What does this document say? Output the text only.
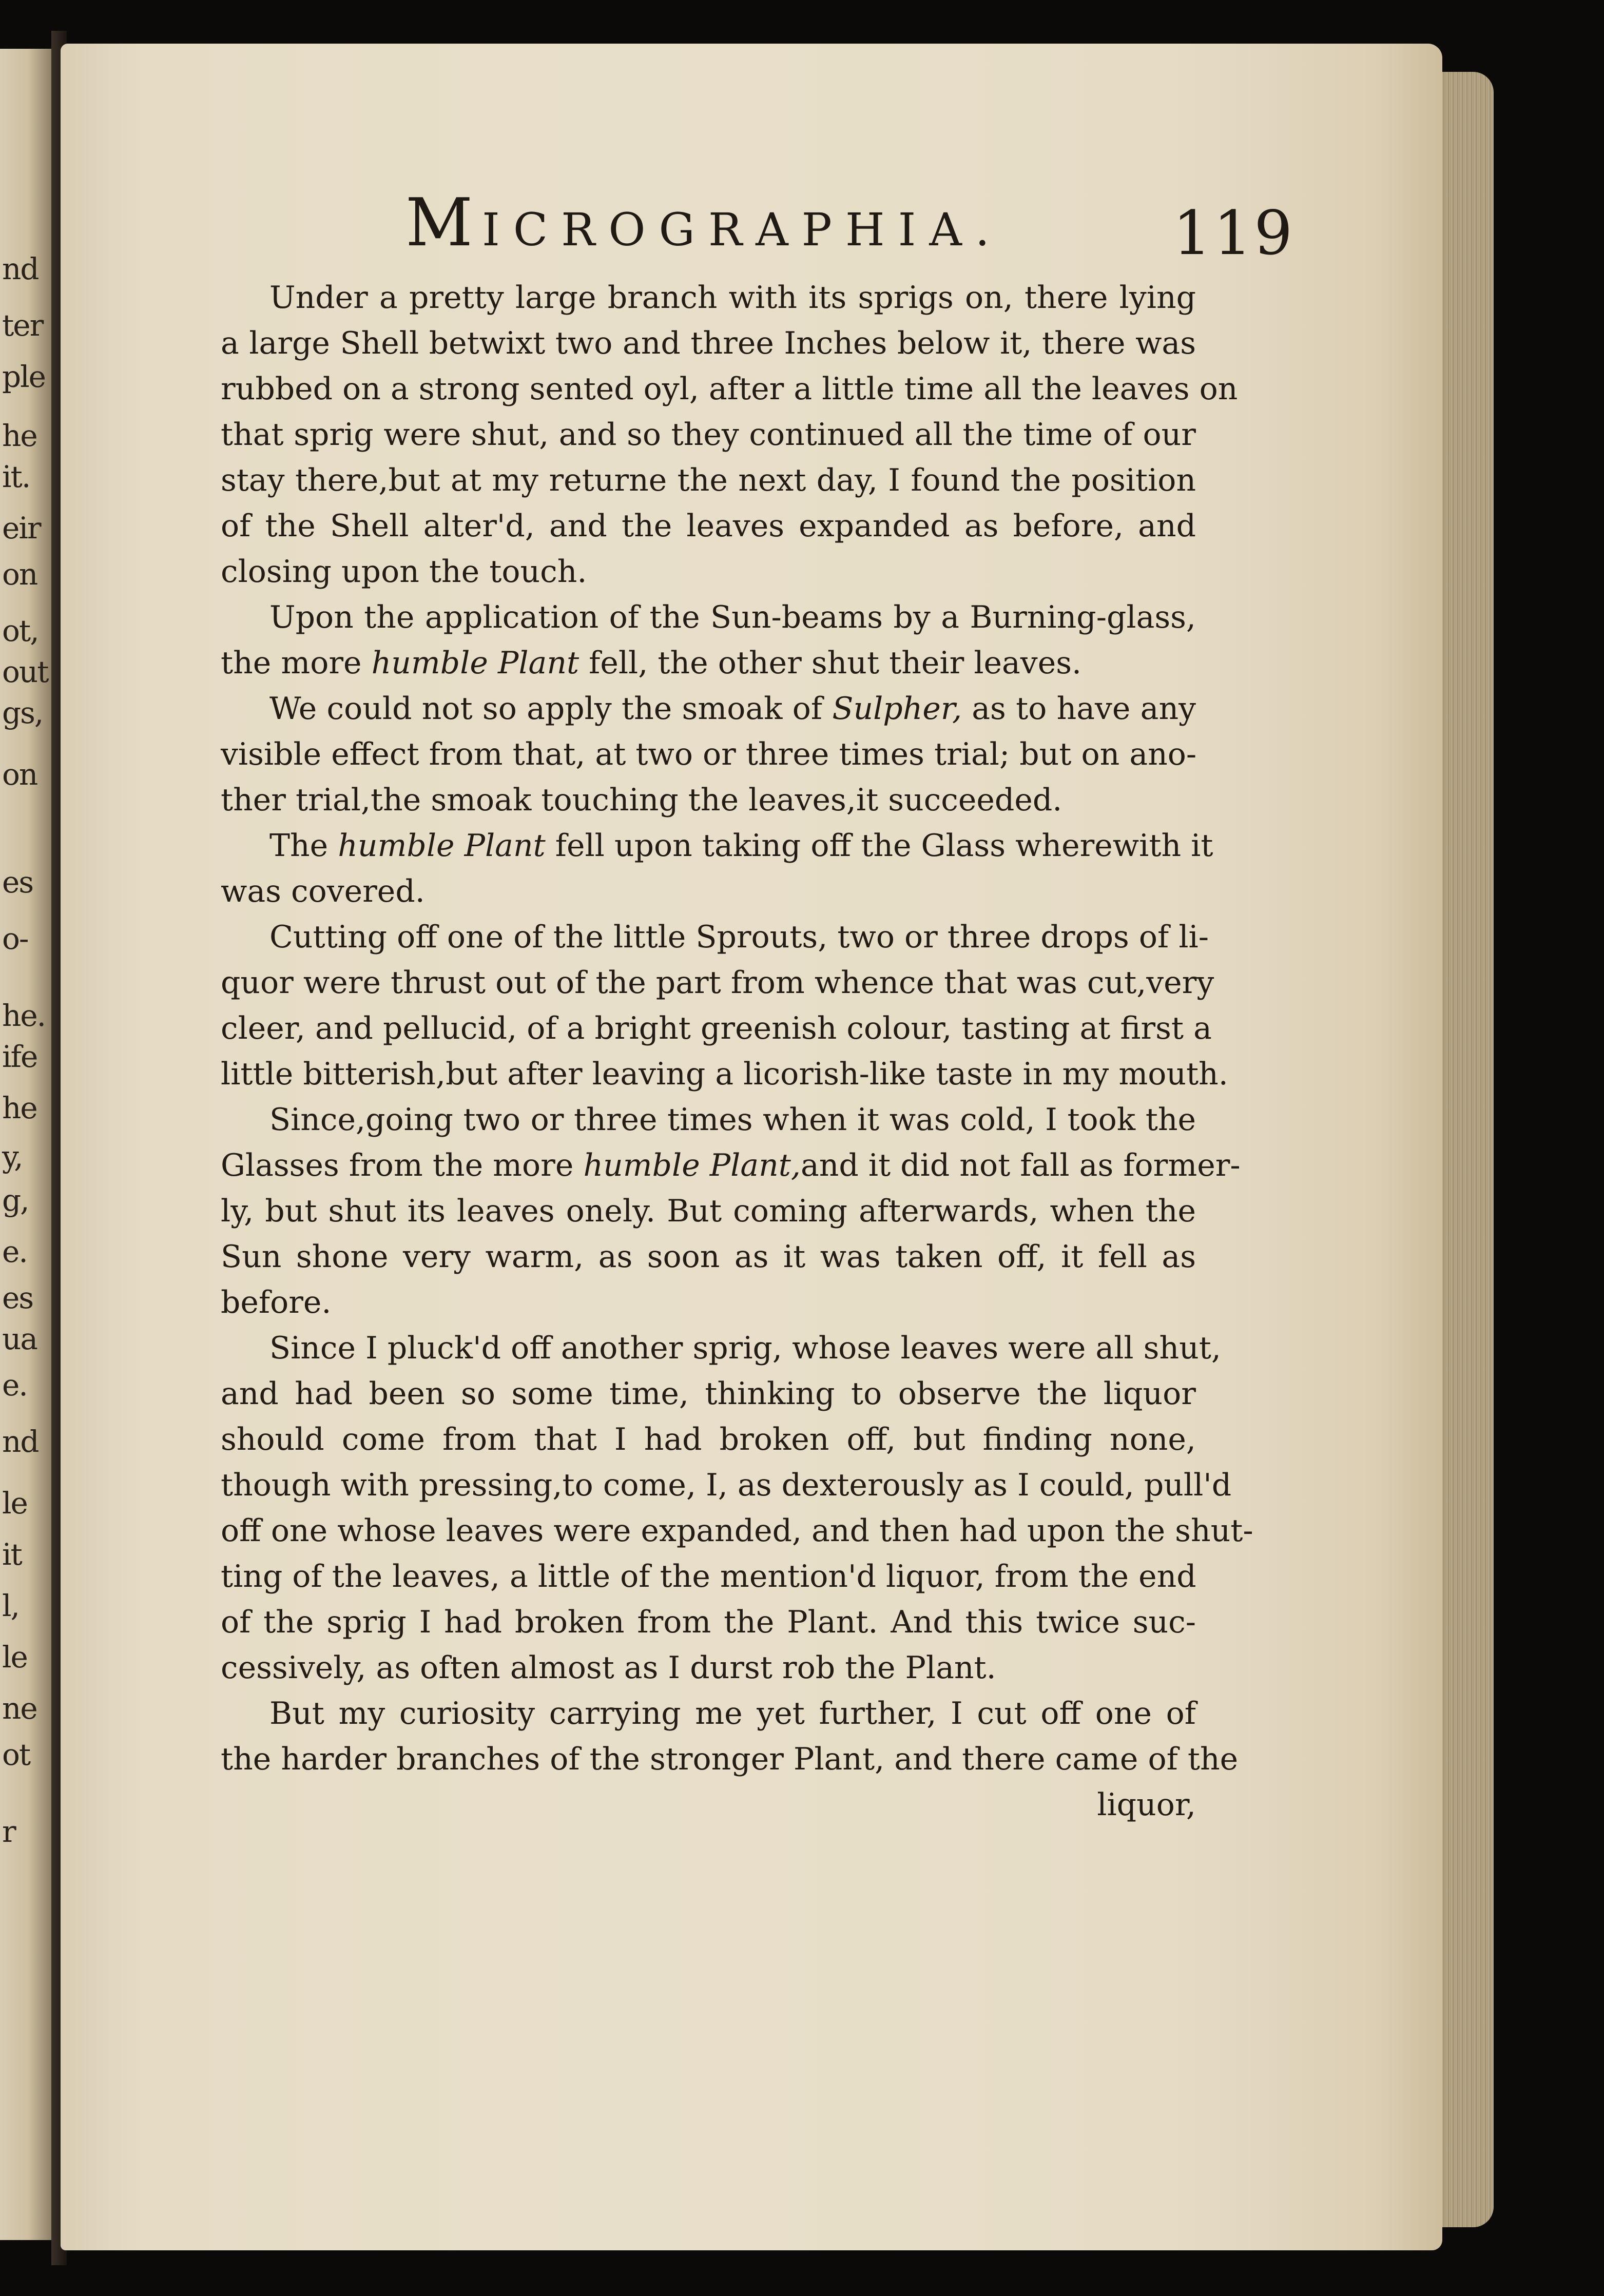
nd
ter
ple
he
it.
eir
on
ot,
out
gs,
on
es
o-
he.
ife
he
y,
g,
e.
es
ua
e.
nd
le
it
l,
le
ne
ot
r
MICROGRAPHIA.	119
Under a pretty large branch with its sprigs on, there lying
a large Shell betwixt two and three Inches below it, there was
rubbed on a strong sented oyl, after a little time all the leaves on
that sprig were shut, and so they continued all the time of our
stay there,but at my returne the next day, I found the position
of the Shell alter'd, and the leaves expanded as before, and
closing upon the touch.
Upon the application of the Sun-beams by a Burning-glass,
the more humble Plant fell, the other shut their leaves.
We could not so apply the smoak of Sulpher, as to have any
visible effect from that, at two or three times trial; but on ano-
ther trial,the smoak touching the leaves,it succeeded.
The humble Plant fell upon taking off the Glass wherewith it
was covered.
Cutting off one of the little Sprouts, two or three drops of li-
quor were thrust out of the part from whence that was cut,very
cleer, and pellucid, of a bright greenish colour, tasting at first a
little bitterish,but after leaving a licorish-like taste in my mouth.
Since,going two or three times when it was cold, I took the
Glasses from the more humble Plant,and it did not fall as former-
ly, but shut its leaves onely. But coming afterwards, when the
Sun shone very warm, as soon as it was taken off, it fell as
before.
Since I pluck'd off another sprig, whose leaves were all shut,
and had been so some time, thinking to observe the liquor
should come from that I had broken off, but finding none,
though with pressing,to come, I, as dexterously as I could, pull'd
off one whose leaves were expanded, and then had upon the shut-
ting of the leaves, a little of the mention'd liquor, from the end
of the sprig I had broken from the Plant. And this twice suc-
cessively, as often almost as I durst rob the Plant.
But my curiosity carrying me yet further, I cut off one of
the harder branches of the stronger Plant, and there came of the
liquor,
